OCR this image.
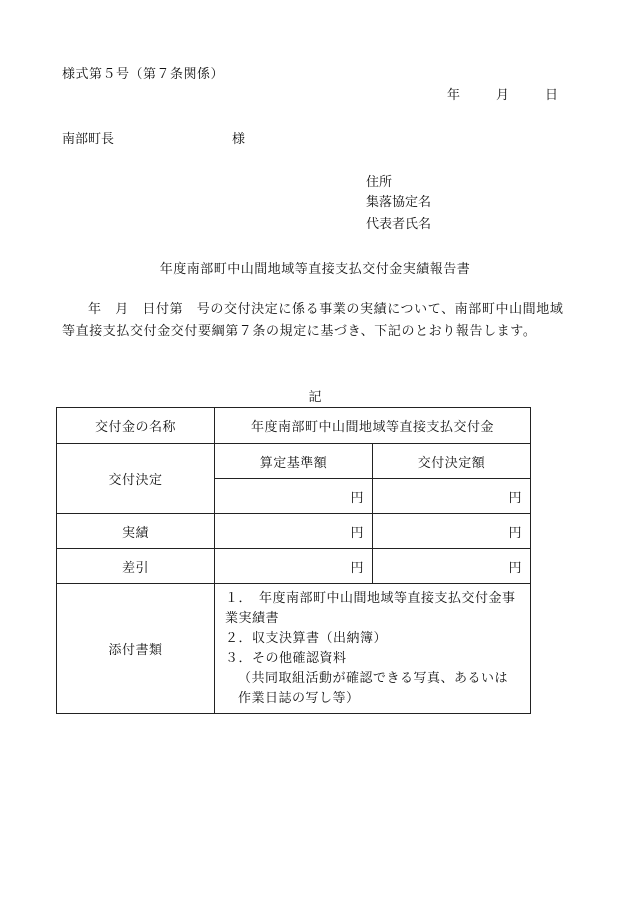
様式第５号（第７条関係）
年	月	日
南部町長	様
住所
集落協定名
代表者氏名
年度南部町中山間地域等直接支払交付金実績報告書
年　月　日付第　号の交付決定に係る事業の実績について、南部町中山間地域等直接支払交付金交付要綱第７条の規定に基づき、下記のとおり報告します。
記
交付金の名称	年度南部町中山間地域等直接支払交付金	
交付決定	算定基準額	交付決定額
	円	円
実績	円	円
差引	円	円
添付書類	１．　年度南部町中山間地域等直接支払交付金事業実績書
２．収支決算書（出納簿）
３．その他確認資料
（共同取組活動が確認できる写真、あるいは作業日誌の写し等）	
